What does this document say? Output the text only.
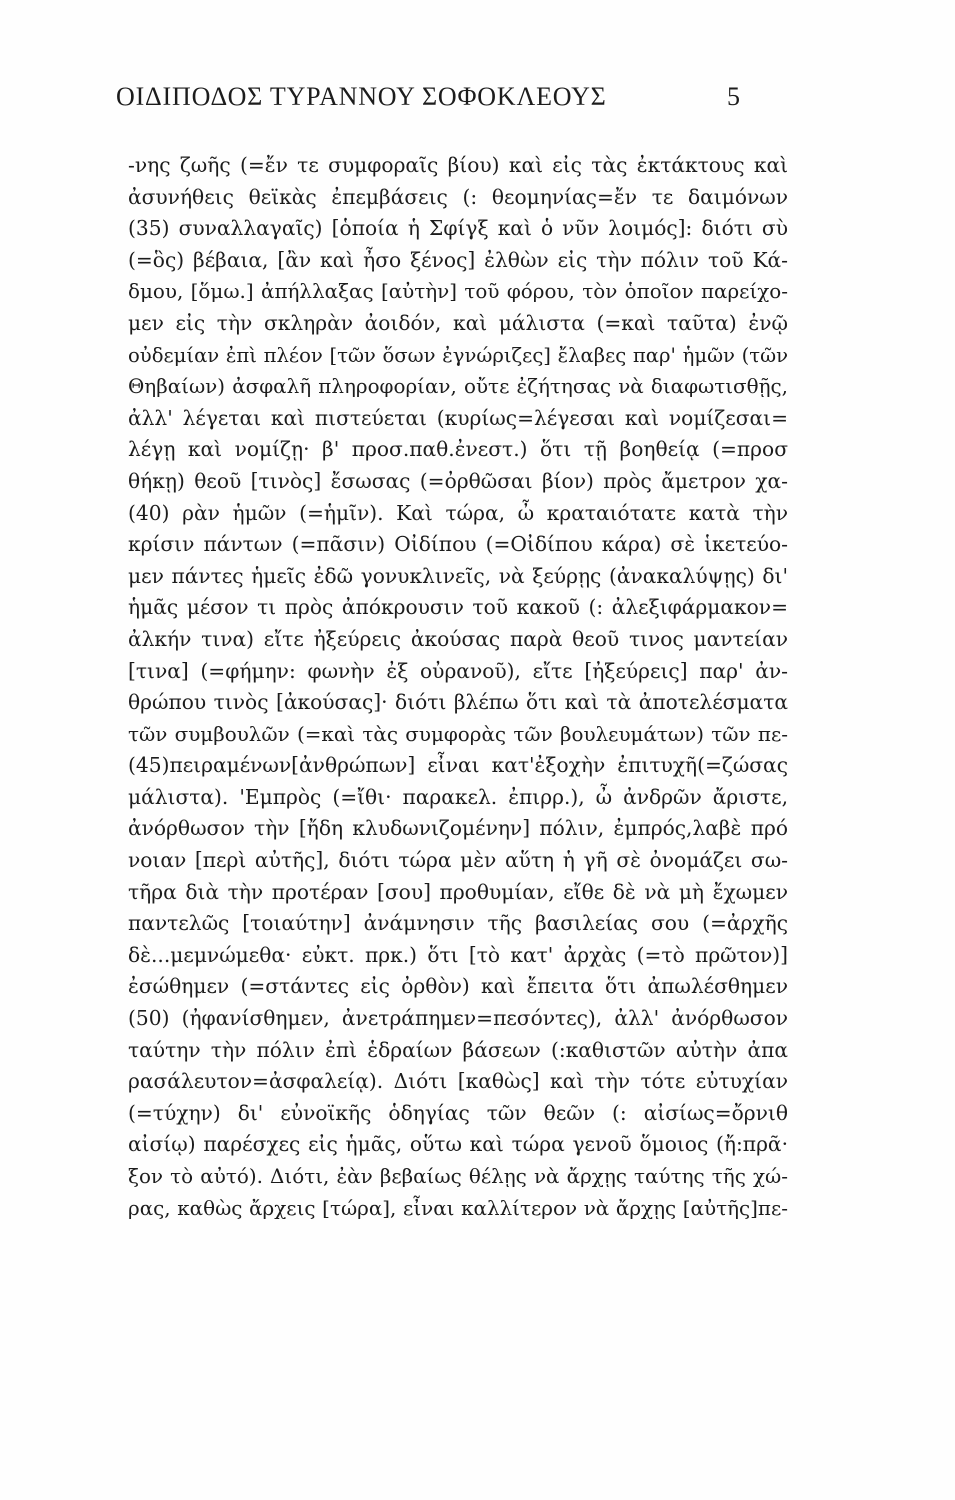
ΟΙΔΙΠΟΔΟΣ ΤΥΡΑΝΝΟΥ ΣΟΦΟΚΛΕΟΥΣ	5
-νης ζωῆς (=ἔν τε συμφοραῖς βίου) καὶ εἰς τὰς ἐκτάκτους καὶ
ἀσυνήθεις θεϊκὰς ἐπεμβάσεις (: θεομηνίας=ἔν τε δαιμόνων
(35) συναλλαγαῖς) [ὁποία ἡ Σφίγξ καὶ ὁ νῦν λοιμός]: διότι σὺ
(=ὃς) βέβαια, [ἂν καὶ ἦσο ξένος] ἐλθὼν εἰς τὴν πόλιν τοῦ Κά-
δμου, [ὅμω.] ἀπήλλαξας [αὐτὴν] τοῦ φόρου, τὸν ὁποῖον παρείχο-
μεν εἰς τὴν σκληρὰν ἀοιδόν, καὶ μάλιστα (=καὶ ταῦτα) ἐνῷ
οὐδεμίαν ἐπὶ πλέον [τῶν ὅσων ἐγνώριζες] ἔλαβες παρ' ἡμῶν (τῶν
Θηβαίων) ἀσφαλῆ πληροφορίαν, οὔτε ἐζήτησας νὰ διαφωτισθῇς,
ἀλλ' λέγεται καὶ πιστεύεται (κυρίως=λέγεσαι καὶ νομίζεσαι=
λέγῃ καὶ νομίζῃ· β' προσ.παθ.ἐνεστ.) ὅτι τῇ βοηθείᾳ (=προσ
θήκῃ) θεοῦ [τινὸς] ἔσωσας (=ὀρθῶσαι βίον) πρὸς ἄμετρον χα-
(40) ρὰν ἡμῶν (=ἡμῖν). Καὶ τώρα, ὦ κραταιότατε κατὰ τὴν
κρίσιν πάντων (=πᾶσιν) Οἰδίπου (=Οἰδίπου κάρα) σὲ ἱκετεύο-
μεν πάντες ἡμεῖς ἐδῶ γονυκλινεῖς, νὰ ξεύρῃς (ἀνακαλύψῃς) δι'
ἡμᾶς μέσον τι πρὸς ἀπόκρουσιν τοῦ κακοῦ (: ἀλεξιφάρμακον=
ἀλκήν τινα) εἴτε ἠξεύρεις ἀκούσας παρὰ θεοῦ τινος μαντείαν
[τινα] (=φήμην: φωνὴν ἐξ οὐρανοῦ), εἴτε [ἠξεύρεις] παρ' ἀν-
θρώπου τινὸς [ἀκούσας]· διότι βλέπω ὅτι καὶ τὰ ἀποτελέσματα
τῶν συμβουλῶν (=καὶ τὰς συμφορὰς τῶν βουλευμάτων) τῶν πε-
(45)πειραμένων[ἀνθρώπων] εἶναι κατ'ἐξοχὴν ἐπιτυχῆ(=ζώσας
μάλιστα). 'Εμπρὸς (=ἴθι· παρακελ. ἐπιρρ.), ὦ ἀνδρῶν ἄριστε,
ἀνόρθωσον τὴν [ἤδη κλυδωνιζομένην] πόλιν, ἐμπρός,λαβὲ πρό
νοιαν [περὶ αὐτῆς], διότι τώρα μὲν αὕτη ἡ γῆ σὲ ὀνομάζει σω-
τῆρα διὰ τὴν προτέραν [σου] προθυμίαν, εἴθε δὲ νὰ μὴ ἔχωμεν
παντελῶς [τοιαύτην] ἀνάμνησιν τῆς βασιλείας σου (=ἀρχῆς
δὲ...μεμνώμεθα· εὐκτ. πρκ.) ὅτι [τὸ κατ' ἀρχὰς (=τὸ πρῶτον)]
ἐσώθημεν (=στάντες εἰς ὀρθὸν) καὶ ἔπειτα ὅτι ἀπωλέσθημεν
(50) (ἠφανίσθημεν, ἀνετράπημεν=πεσόντες), ἀλλ' ἀνόρθωσον
ταύτην τὴν πόλιν ἐπὶ ἑδραίων βάσεων (:καθιστῶν αὐτὴν ἀπα
ρασάλευτον=ἀσφαλείᾳ). Διότι [καθὼς] καὶ τὴν τότε εὐτυχίαν
(=τύχην) δι' εὐνοϊκῆς ὁδηγίας τῶν θεῶν (: αἰσίως=ὄρνιθ
αἰσίῳ) παρέσχες εἰς ἡμᾶς, οὕτω καὶ τώρα γενοῦ ὅμοιος (ἤ:πρᾶ·
ξον τὸ αὐτό). Διότι, ἐὰν βεβαίως θέλῃς νὰ ἄρχῃς ταύτης τῆς χώ-
ρας, καθὼς ἄρχεις [τώρα], εἶναι καλλίτερον νὰ ἄρχῃς [αὐτῆς]πε-
